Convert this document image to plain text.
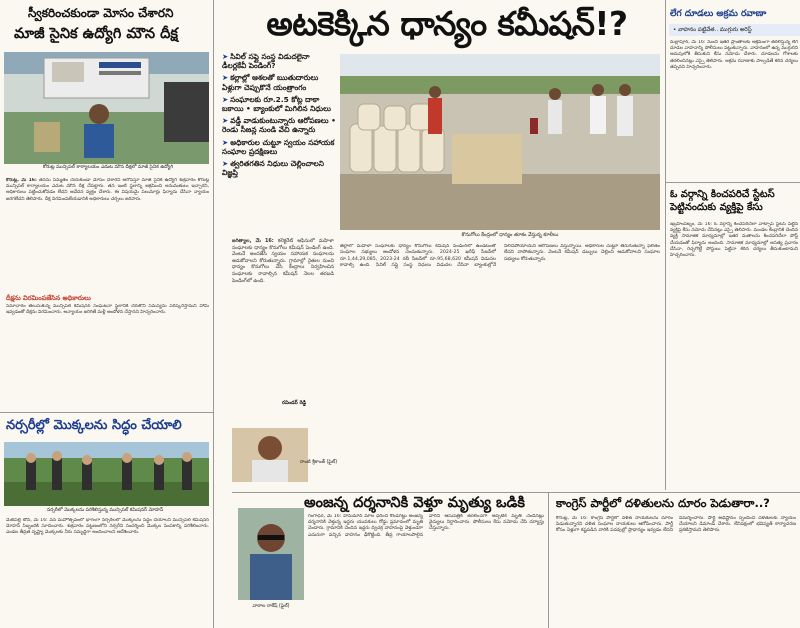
స్వీకరించకుండా మోసం చేశారని
మాజీ సైనిక ఉద్యోగి మౌన దీక్ష
కోరుట్ల మున్సిపల్ కార్యాలయం ఎదుట మౌన దీక్షలో మాజీ సైనిక ఉద్యోగి
కోరుట్ల, మే 16: తనను సమ్మతం చేయకుండా మోసం చేశారని ఆరోపిస్తూ మాజీ సైనిక ఉద్యోగి శుక్రవారం కోరుట్ల మున్సిపల్ కార్యాలయం ఎదుట మౌన దీక్ష చేపట్టారు. తన ఇంటి స్థలాన్ని ఆక్రమించి అనుమతులు ఇచ్చారని, అధికారులు పట్టించుకోవడం లేదని ఆవేదన వ్యక్తం చేశారు. ఈ విషయమై పలుమార్లు ఫిర్యాదు చేసినా న్యాయం జరగలేదని తెలిపారు. దీక్ష విరమింపజేయడానికి అధికారులు చర్చలు జరిపారు.
దీక్షను విరమింపజేసిన అధికారులు
సమాచారం తెలుసుకున్న మున్సిపల్ కమిషనర్ సంఘటనా స్థలానికి చేరుకొని సమస్యను పరిష్కరిస్తామని హామీ ఇవ్వడంతో దీక్షను విరమించారు. అన్యాయం జరిగితే మళ్లీ ఆందోళన చేస్తానని హెచ్చరించారు.
నర్సరీల్లో మొక్కలను సిద్ధం చేయాలి
నర్సరీలో మొక్కలను పరిశీలిస్తున్న మున్సిపల్ కమిషనర్ మోహన్
మెట్‌పల్లి టౌన్, మే 16: వన మహోత్సవంలో భాగంగా నర్సరీలలో మొక్కలను సిద్ధం చేయాలని మున్సిపల్ కమిషనర్ మోహన్ సిబ్బందికి సూచించారు. శుక్రవారం పట్టణంలోని నర్సరీని సందర్శించి మొక్కల పెంపకాన్ని పరిశీలించారు. ఎండల తీవ్రత దృష్ట్యా మొక్కలకు నీరు సమృద్ధిగా అందించాలని ఆదేశించారు.
అటకెక్కిన ధాన్యం కమీషన్!?
➤ సివిల్ సప్లై సంస్థ విడుదలైనా డీలర్లకేవీ పెండింగ్?
➤ కల్లాల్లో ఆశలతో ఋతుదారులు ఏళ్లుగా చెప్పుకొనే యంత్రాంగం
➤ సంఘాలకు రూ.2.5 కోట్ల దాకా బకాయి • బ్యాంకులో మిగిలిన నిధులు
➤ వడ్డీ వాడుకుంటున్నారు ఆరోపణలు • రెండు సీజన్ల నుండి వేచి ఉన్నారు
➤ అధికారుల చుట్టూ స్వయం సహాయక సంఘాల ప్రదక్షిణలు
➤ త్వరితగతిన నిధులు చెల్లించాలని విజ్ఞప్తి
కొనుగోలు కేంద్రంలో ధాన్యం తూకం వేస్తున్న కూలీలు
జగిత్యాల, మే 16: కలెక్టరేట్ ఆఫీసులో మహిళా సంఘాలకు ధాన్యం కొనుగోలు కమీషన్ పెండింగ్ ఉంది. వెంటనే అందజేసి స్వయం సహాయక సంఘాలను ఆదుకోవాలని కోరుతున్నారు. గ్రామాల్లో రైతుల నుంచి ధాన్యం కొనుగోలు చేసి కేంద్రాలు నిర్వహించిన సంఘాలకు రావాల్సిన కమీషన్ నెలల తరబడి పెండింగ్‌లో ఉంది.
రవిండర్ రెడ్డి
జిల్లాలో మహిళా సంఘాలకు ధాన్యం కొనుగోలు కమీషన్ పెండింగ్‌లో ఉండటంతో సంఘాల సభ్యులు ఆందోళన చెందుతున్నారు. 2024-25 ఖరీఫ్ సీజన్‌లో రూ.1,44,29,085, 2023-24 రబీ సీజన్‌లో రూ.95,68,620 కమీషన్ విడుదల కావాల్సి ఉంది. సివిల్ సప్లై సంస్థ నిధులు విడుదల చేసినా బ్యాంకుల్లోనే నిలిచిపోయాయని ఆరోపణలు వస్తున్నాయి. అధికారుల చుట్టూ తిరుగుతున్నా ఫలితం లేదని వాపోతున్నారు. వెంటనే కమీషన్ డబ్బులు చెల్లించి ఆదుకోవాలని సంఘాల సభ్యులు కోరుతున్నారు.
లేగ దూడలు అక్రమ రవాణా
• వాహనం పట్టివేత.. ముగ్గురు అరెస్ట్
మల్లాపూర్, మే 16: నుంచి ఇతర ప్రాంతాలకు అక్రమంగా తరలిస్తున్న లేగ దూడల వాహనాన్ని పోలీసులు పట్టుకున్నారు. వాహనంలో ఉన్న ముగ్గురిని అదుపులోకి తీసుకుని కేసు నమోదు చేశారు. దూడలను గోశాలకు తరలించినట్లు ఎస్సై తెలిపారు. అక్రమ రవాణాకు పాల్పడితే కఠిన చర్యలు తప్పవని హెచ్చరించారు.
ఓ వర్గాన్ని కించపరిచే స్టేటస్ పెట్టినందుకు వ్యక్తిపై కేసు
ఇబ్రహీంపట్నం, మే 16: ఓ వర్గాన్ని కించపరిచేలా వాట్సాప్ స్టేటస్ పెట్టిన వ్యక్తిపై కేసు నమోదు చేసినట్లు ఎస్సై తెలిపారు. మండల కేంద్రానికి చెందిన వ్యక్తి సామాజిక మాధ్యమాల్లో ఇతర మతాలను కించపరిచేలా పోస్ట్ చేయడంతో ఫిర్యాదు అందింది. సామాజిక మాధ్యమాల్లో అసత్య ప్రచారం చేసినా, రెచ్చగొట్టే పోస్టులు పెట్టినా కఠిన చర్యలు తీసుకుంటామని హెచ్చరించారు.
రాంటి శ్రీకాంత్ (ఫైల్)
అంజన్న దర్శనానికి వెళ్తూ మృత్యు ఒడికి
వారాల రాకేష్ (ఫైల్)
గంగాధర, మే 16: హనుమాన్ మాల ధరించి కొండగట్టు అంజన్న దర్శనానికి వెళ్తున్న ఇద్దరు యువకులు రోడ్డు ప్రమాదంలో మృతి చెందారు. గ్రామానికి చెందిన ఇద్దరు ద్విచక్ర వాహనంపై వెళ్తుండగా ఎదురుగా వచ్చిన వాహనం ఢీకొట్టింది. తీవ్ర గాయాలపాలైన వారిని ఆసుపత్రికి తరలించగా అప్పటికే మృతి చెందినట్లు వైద్యులు నిర్ధారించారు. పోలీసులు కేసు నమోదు చేసి దర్యాప్తు చేస్తున్నారు.
కాంగ్రెస్ పార్టీలో దళితులను దూరం పెడుతారా..?
కోరుట్ల, మే 16: కాంగ్రెస్ పార్టీలో దళిత నాయకులను దూరం పెడుతున్నారని దళిత సంఘాల నాయకులు ఆరోపించారు. పార్టీ కోసం ఏళ్లుగా కష్టపడిన వారికి పదవుల్లో ప్రాధాన్యం ఇవ్వడం లేదని విమర్శించారు. పార్టీ అధిష్టానం స్పందించి దళితులకు న్యాయం చేయాలని డిమాండ్ చేశారు. లేనిపక్షంలో భవిష్యత్ కార్యాచరణ ప్రకటిస్తామని తెలిపారు.
